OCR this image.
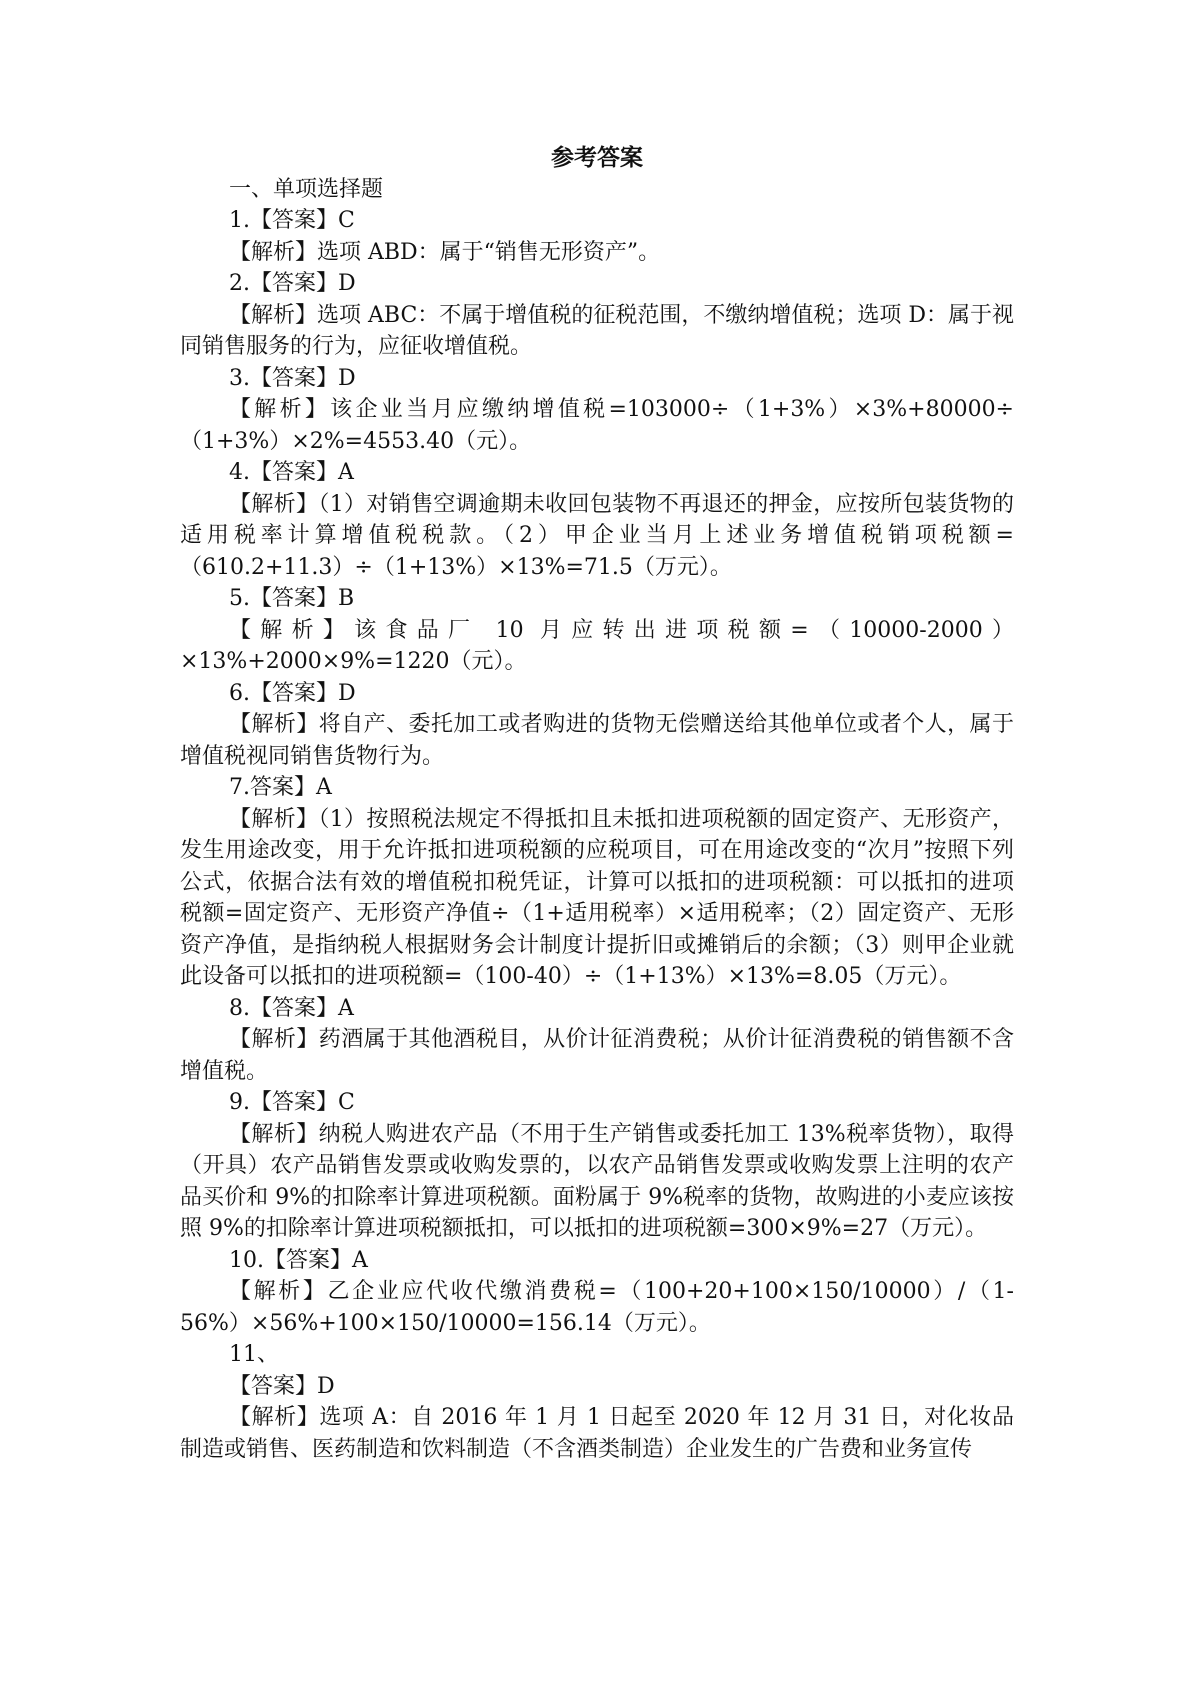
参考答案

一、单项选择题

1.【答案】C

【解析】选项 ABD：属于“销售无形资产”。

2.【答案】D

【解析】选项 ABC：不属于增值税的征税范围，不缴纳增值税；选项 D：属于视同销售服务的行为，应征收增值税。

3.【答案】D

【解析】该企业当月应缴纳增值税=103000÷（1+3%）×3%+80000÷（1+3%）×2%=4553.40（元）。

4.【答案】A

【解析】（1）对销售空调逾期未收回包装物不再退还的押金，应按所包装货物的适用税率计算增值税税款。（2）甲企业当月上述业务增值税销项税额=（610.2+11.3）÷（1+13%）×13%=71.5（万元）。

5.【答案】B

【解析】该食品厂 10 月应转出进项税额=（10000-2000）×13%+2000×9%=1220（元）。

6.【答案】D

【解析】将自产、委托加工或者购进的货物无偿赠送给其他单位或者个人，属于增值税视同销售货物行为。

7.答案】A

【解析】（1）按照税法规定不得抵扣且未抵扣进项税额的固定资产、无形资产，发生用途改变，用于允许抵扣进项税额的应税项目，可在用途改变的“次月”按照下列公式，依据合法有效的增值税扣税凭证，计算可以抵扣的进项税额：可以抵扣的进项税额=固定资产、无形资产净值÷（1+适用税率）×适用税率；（2）固定资产、无形资产净值，是指纳税人根据财务会计制度计提折旧或摊销后的余额；（3）则甲企业就此设备可以抵扣的进项税额=（100-40）÷（1+13%）×13%=8.05（万元）。

8.【答案】A

【解析】药酒属于其他酒税目，从价计征消费税；从价计征消费税的销售额不含增值税。

9.【答案】C

【解析】纳税人购进农产品（不用于生产销售或委托加工 13%税率货物），取得（开具）农产品销售发票或收购发票的，以农产品销售发票或收购发票上注明的农产品买价和 9%的扣除率计算进项税额。面粉属于 9%税率的货物，故购进的小麦应该按照 9%的扣除率计算进项税额抵扣，可以抵扣的进项税额=300×9%=27（万元）。

10.【答案】A

【解析】乙企业应代收代缴消费税=（100+20+100×150/10000）/（1-56%）×56%+100×150/10000=156.14（万元）。

11、

【答案】D

【解析】选项 A：自 2016 年 1 月 1 日起至 2020 年 12 月 31 日，对化妆品制造或销售、医药制造和饮料制造（不含酒类制造）企业发生的广告费和业务宣传
